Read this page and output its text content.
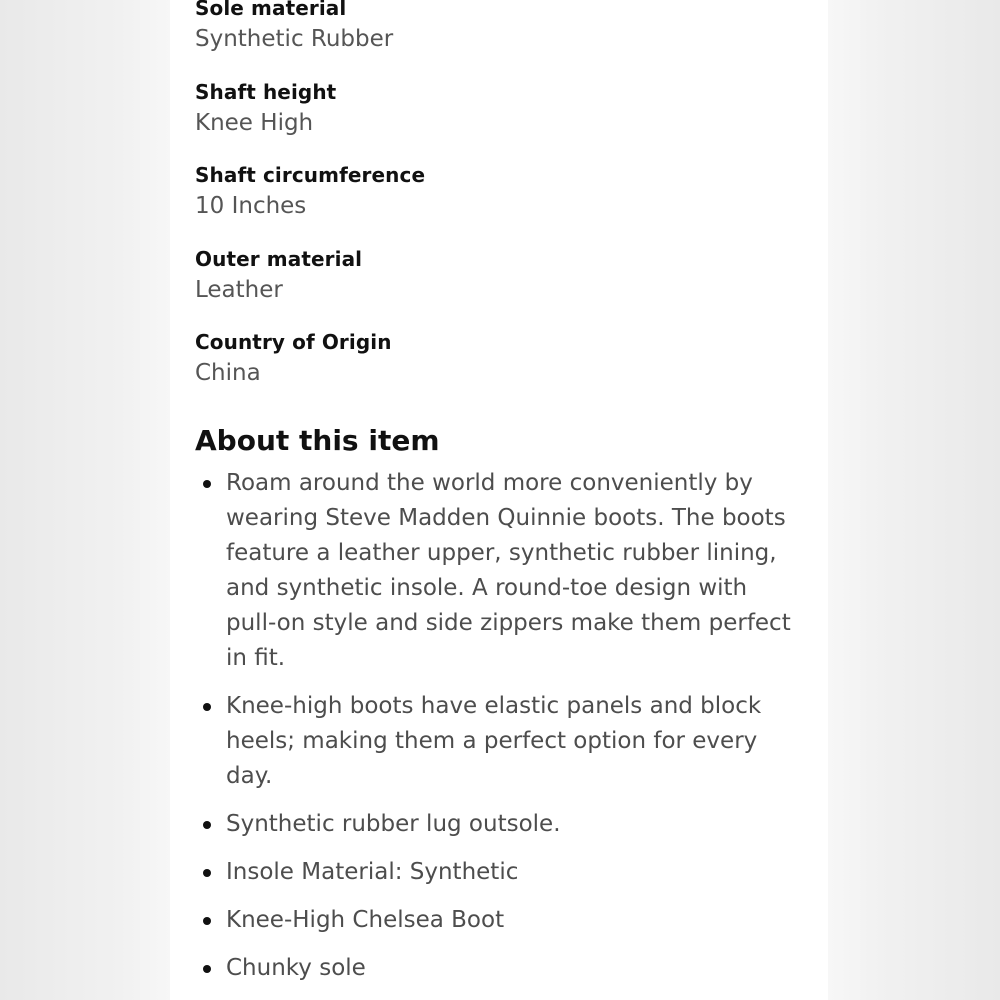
Sole material
Synthetic Rubber
Shaft height
Knee High
Shaft circumference
10 Inches
Outer material
Leather
Country of Origin
China
About this item
Roam around the world more conveniently by wearing Steve Madden Quinnie boots. The boots feature a leather upper, synthetic rubber lining, and synthetic insole. A round-toe design with pull-on style and side zippers make them perfect in fit.
Knee-high boots have elastic panels and block heels; making them a perfect option for every day.
Synthetic rubber lug outsole.
Insole Material: Synthetic
Knee-High Chelsea Boot
Chunky sole
